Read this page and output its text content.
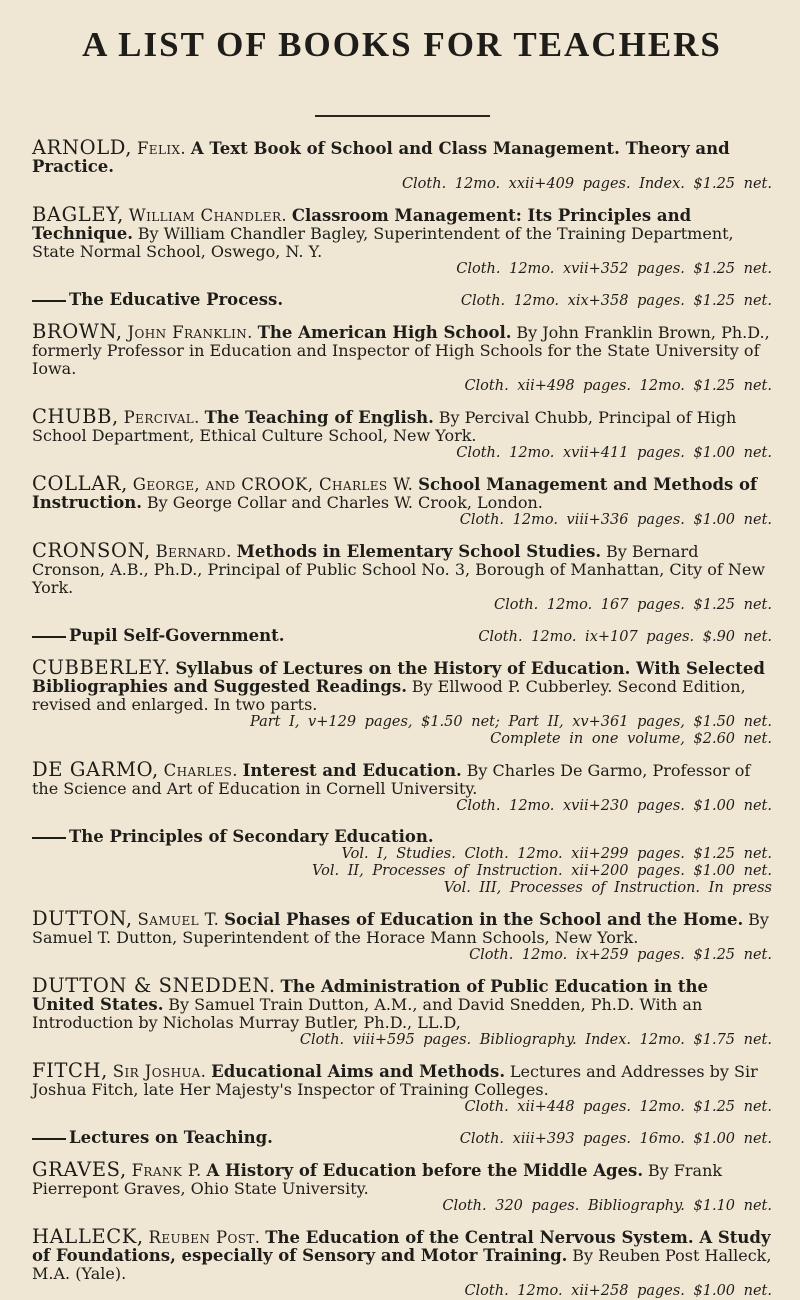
A LIST OF BOOKS FOR TEACHERS
ARNOLD, Felix. A Text Book of School and Class Management. Theory and Practice.
Cloth. 12mo. xxii+409 pages. Index. $1.25 net.
BAGLEY, William Chandler. Classroom Management: Its Principles and Technique. By William Chandler Bagley, Superintendent of the Training Department, State Normal School, Oswego, N. Y.
Cloth. 12mo. xvii+352 pages. $1.25 net.
The Educative Process.	Cloth. 12mo. xix+358 pages. $1.25 net.
BROWN, John Franklin. The American High School. By John Franklin Brown, Ph.D., formerly Professor in Education and Inspector of High Schools for the State University of Iowa.
Cloth. xii+498 pages. 12mo. $1.25 net.
CHUBB, Percival. The Teaching of English. By Percival Chubb, Principal of High School Department, Ethical Culture School, New York.
Cloth. 12mo. xvii+411 pages. $1.00 net.
COLLAR, George, and CROOK, Charles W. School Management and Methods of Instruction. By George Collar and Charles W. Crook, London.
Cloth. 12mo. viii+336 pages. $1.00 net.
CRONSON, Bernard. Methods in Elementary School Studies. By Bernard Cronson, A.B., Ph.D., Principal of Public School No. 3, Borough of Manhattan, City of New York.
Cloth. 12mo. 167 pages. $1.25 net.
Pupil Self-Government.	Cloth. 12mo. ix+107 pages. $.90 net.
CUBBERLEY. Syllabus of Lectures on the History of Education. With Selected Bibliographies and Suggested Readings. By Ellwood P. Cubberley. Second Edition, revised and enlarged. In two parts.
Part I, v+129 pages, $1.50 net; Part II, xv+361 pages, $1.50 net.
Complete in one volume, $2.60 net.
DE GARMO, Charles. Interest and Education. By Charles De Garmo, Professor of the Science and Art of Education in Cornell University.
Cloth. 12mo. xvii+230 pages. $1.00 net.
The Principles of Secondary Education.
Vol. I, Studies. Cloth. 12mo. xii+299 pages. $1.25 net.
Vol. II, Processes of Instruction. xii+200 pages. $1.00 net.
Vol. III, Processes of Instruction. In press
DUTTON, Samuel T. Social Phases of Education in the School and the Home. By Samuel T. Dutton, Superintendent of the Horace Mann Schools, New York.
Cloth. 12mo. ix+259 pages. $1.25 net.
DUTTON & SNEDDEN. The Administration of Public Education in the United States. By Samuel Train Dutton, A.M., and David Snedden, Ph.D. With an Introduction by Nicholas Murray Butler, Ph.D., LL.D,
Cloth. viii+595 pages. Bibliography. Index. 12mo. $1.75 net.
FITCH, Sir Joshua. Educational Aims and Methods. Lectures and Addresses by Sir Joshua Fitch, late Her Majesty's Inspector of Training Colleges.
Cloth. xii+448 pages. 12mo. $1.25 net.
Lectures on Teaching.	Cloth. xiii+393 pages. 16mo. $1.00 net.
GRAVES, Frank P. A History of Education before the Middle Ages. By Frank Pierrepont Graves, Ohio State University.
Cloth. 320 pages. Bibliography. $1.10 net.
HALLECK, Reuben Post. The Education of the Central Nervous System. A Study of Foundations, especially of Sensory and Motor Training. By Reuben Post Halleck, M.A. (Yale).
Cloth. 12mo. xii+258 pages. $1.00 net.
